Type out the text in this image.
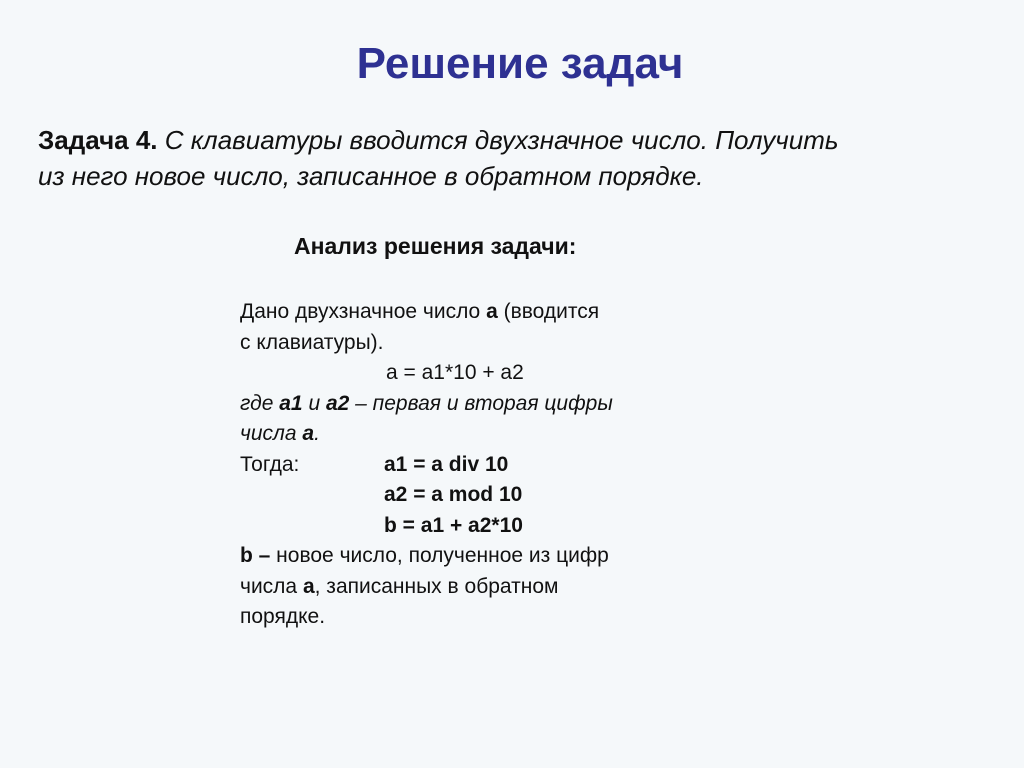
Решение задач
Задача 4. С клавиатуры вводится двухзначное число. Получить
из него новое число, записанное в обратном порядке.
Анализ решения задачи:
Дано двухзначное число a (вводится
с клавиатуры).
a = a1*10 + a2
где a1 и a2 – первая и вторая цифры
числа a.
Тогда:	a1 = a div 10
a2 = a mod 10
b = a1 + a2*10
b – новое число, полученное из цифр
числа a, записанных в обратном
порядке.
